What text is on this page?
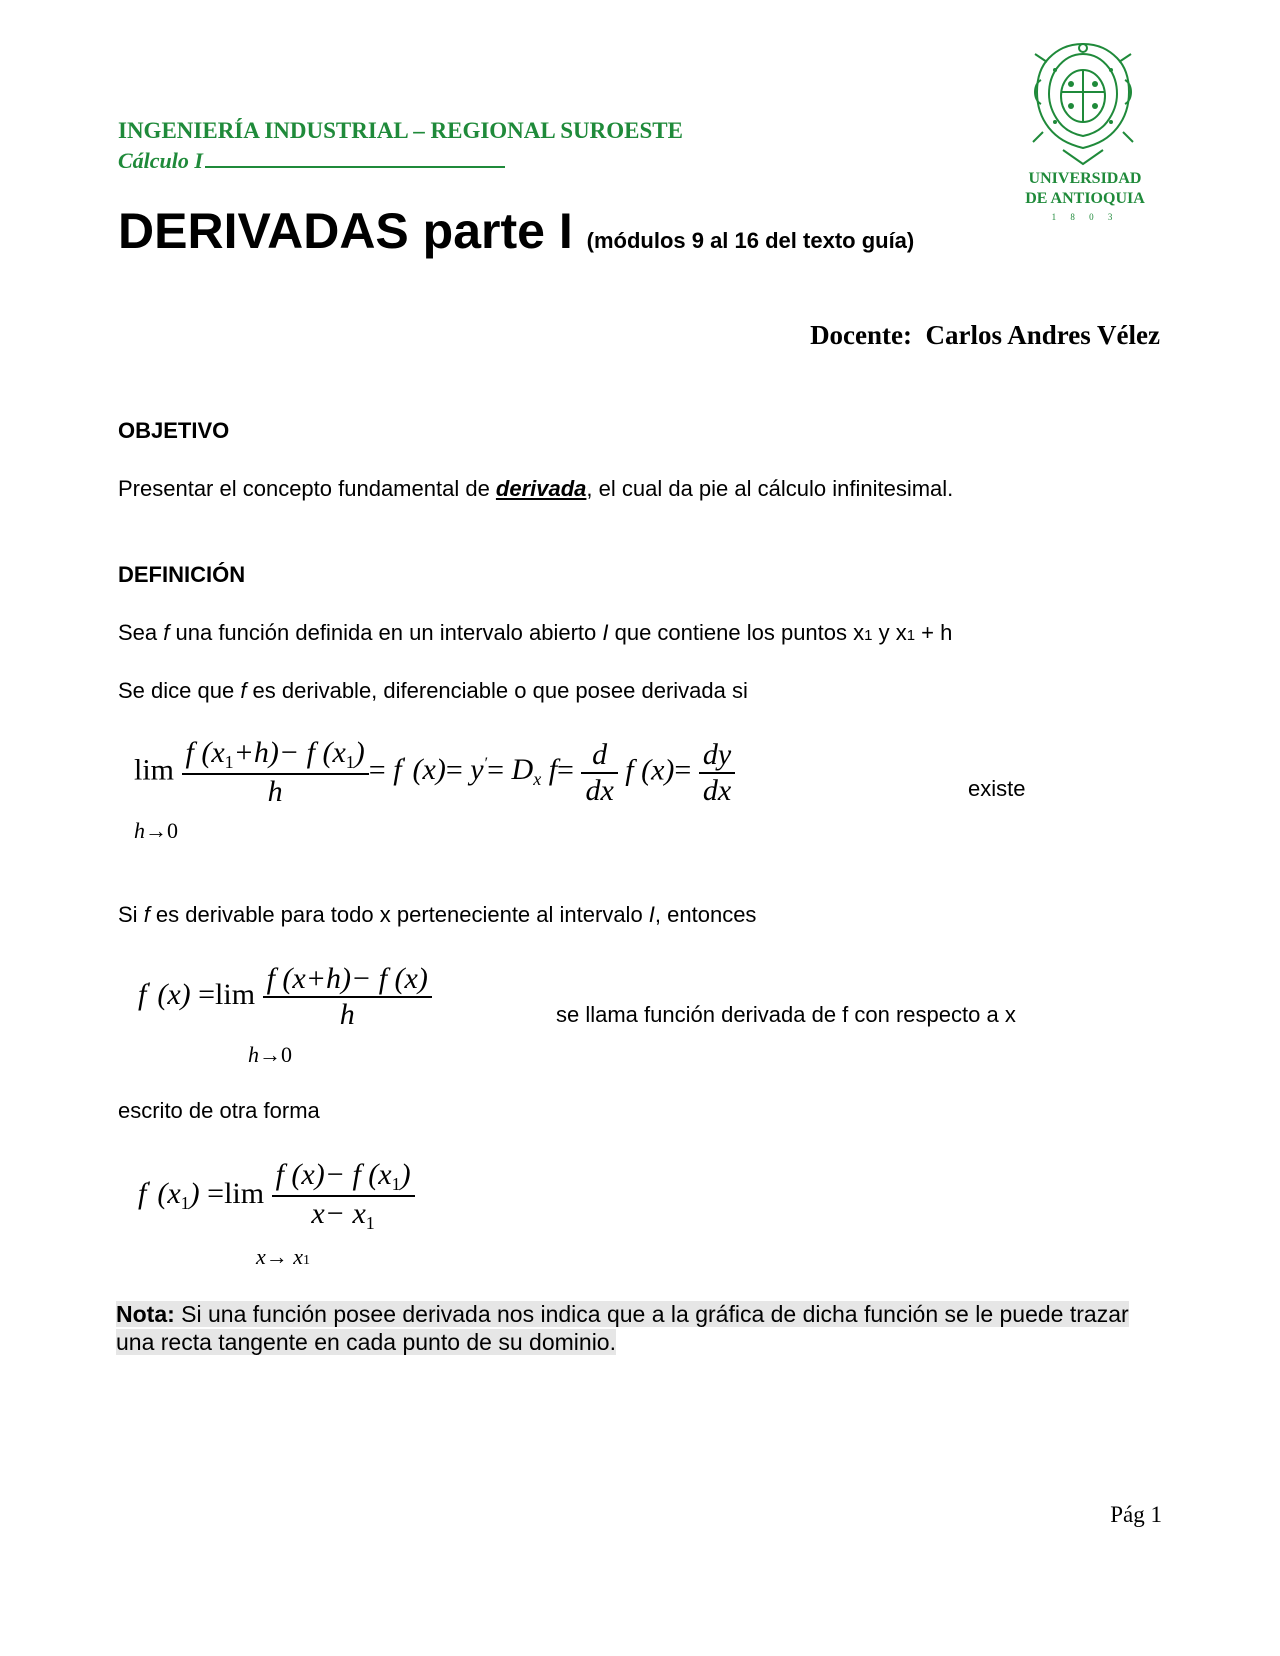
INGENIERÍA INDUSTRIAL – REGIONAL SUROESTE
Cálculo I
UNIVERSIDAD
DE ANTIOQUIA
1 8 0 3
DERIVADAS parte I (módulos 9 al 16 del texto guía)
Docente: Carlos Andres Vélez
OBJETIVO
Presentar el concepto fundamental de derivada, el cual da pie al cálculo infinitesimal.
DEFINICIÓN
Sea f una función definida en un intervalo abierto I que contiene los puntos x1 y x1 + h
Se dice que f es derivable, diferenciable o que posee derivada si
$\lim \frac{f (x_1+h)- f (x_1)}{h} = f'$ $(x)= y'= D_x$ $f= \frac{d}{dx}$ f $(x)= \frac{dy}{dx}$	existe
h→0
Si f es derivable para todo x perteneciente al intervalo I, entonces
f′ $(x) =\lim \frac{f (x+h)- f (x)}{h}$	se llama función derivada de f con respecto a x
h→0
escrito de otra forma
f′ $(x_1) =\lim \frac{f (x)- f (x_1)}{x- x_1}$
x→ x1
Nota: Si una función posee derivada nos indica que a la gráfica de dicha función se le puede trazar una recta tangente en cada punto de su dominio.
Pág 1
